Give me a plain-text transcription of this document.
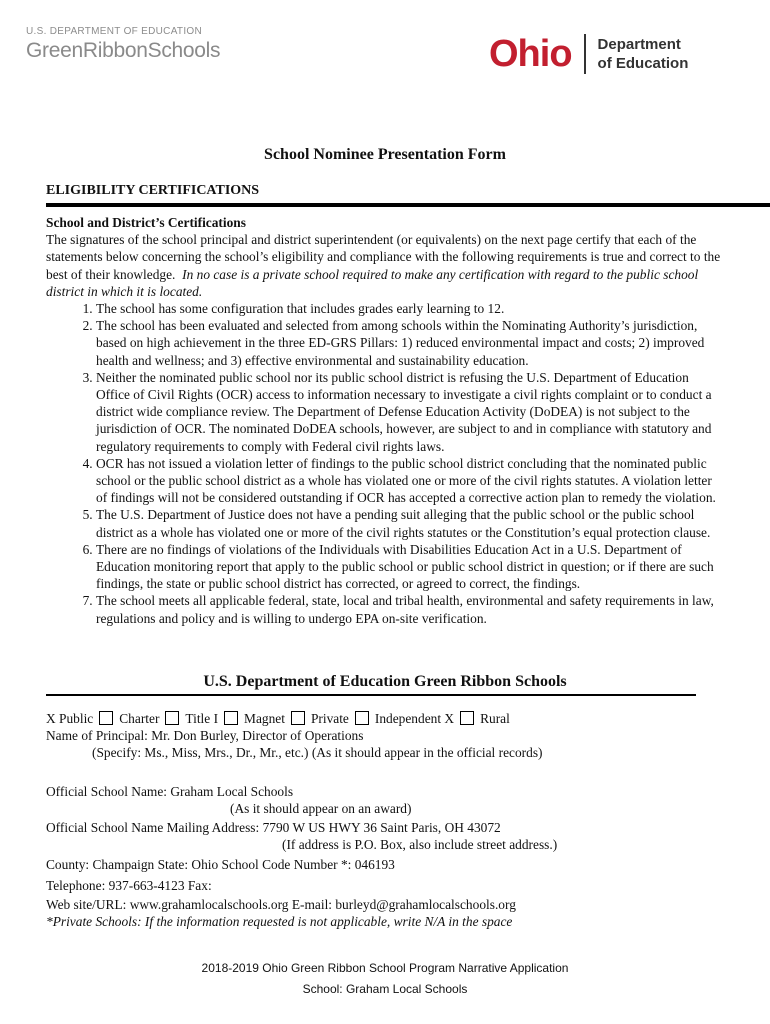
U.S. DEPARTMENT OF EDUCATION
GreenRibbonSchools	Ohio Department
of Education
School Nominee Presentation Form
ELIGIBILITY CERTIFICATIONS
School and District’s Certifications

The signatures of the school principal and district superintendent (or equivalents) on the next page certify that each of the statements below concerning the school’s eligibility and compliance with the following requirements is true and correct to the best of their knowledge. In no case is a private school required to make any certification with regard to the public school district in which it is located.

1. The school has some configuration that includes grades early learning to 12.
2. The school has been evaluated and selected from among schools within the Nominating Authority’s jurisdiction, based on high achievement in the three ED-GRS Pillars: 1) reduced environmental impact and costs; 2) improved health and wellness; and 3) effective environmental and sustainability education.
3. Neither the nominated public school nor its public school district is refusing the U.S. Department of Education Office of Civil Rights (OCR) access to information necessary to investigate a civil rights complaint or to conduct a district wide compliance review. The Department of Defense Education Activity (DoDEA) is not subject to the jurisdiction of OCR. The nominated DoDEA schools, however, are subject to and in compliance with statutory and regulatory requirements to comply with Federal civil rights laws.
4. OCR has not issued a violation letter of findings to the public school district concluding that the nominated public school or the public school district as a whole has violated one or more of the civil rights statutes. A violation letter of findings will not be considered outstanding if OCR has accepted a corrective action plan to remedy the violation.
5. The U.S. Department of Justice does not have a pending suit alleging that the public school or the public school district as a whole has violated one or more of the civil rights statutes or the Constitution’s equal protection clause.
6. There are no findings of violations of the Individuals with Disabilities Education Act in a U.S. Department of Education monitoring report that apply to the public school or public school district in question; or if there are such findings, the state or public school district has corrected, or agreed to correct, the findings.
7. The school meets all applicable federal, state, local and tribal health, environmental and safety requirements in law, regulations and policy and is willing to undergo EPA on-site verification.
U.S. Department of Education Green Ribbon Schools
X Public Charter Title I Magnet Private Independent X Rural
Name of Principal: Mr. Don Burley, Director of Operations
(Specify: Ms., Miss, Mrs., Dr., Mr., etc.) (As it should appear in the official records)
Official School Name: Graham Local Schools
(As it should appear on an award)
Official School Name Mailing Address: 7790 W US HWY 36 Saint Paris, OH 43072
(If address is P.O. Box, also include street address.)
County: Champaign State: Ohio School Code Number *: 046193
Telephone: 937-663-4123 Fax:
Web site/URL: www.grahamlocalschools.org E-mail: burleyd@grahamlocalschools.org
*Private Schools: If the information requested is not applicable, write N/A in the space
2018-2019 Ohio Green Ribbon School Program Narrative Application
School: Graham Local Schools
